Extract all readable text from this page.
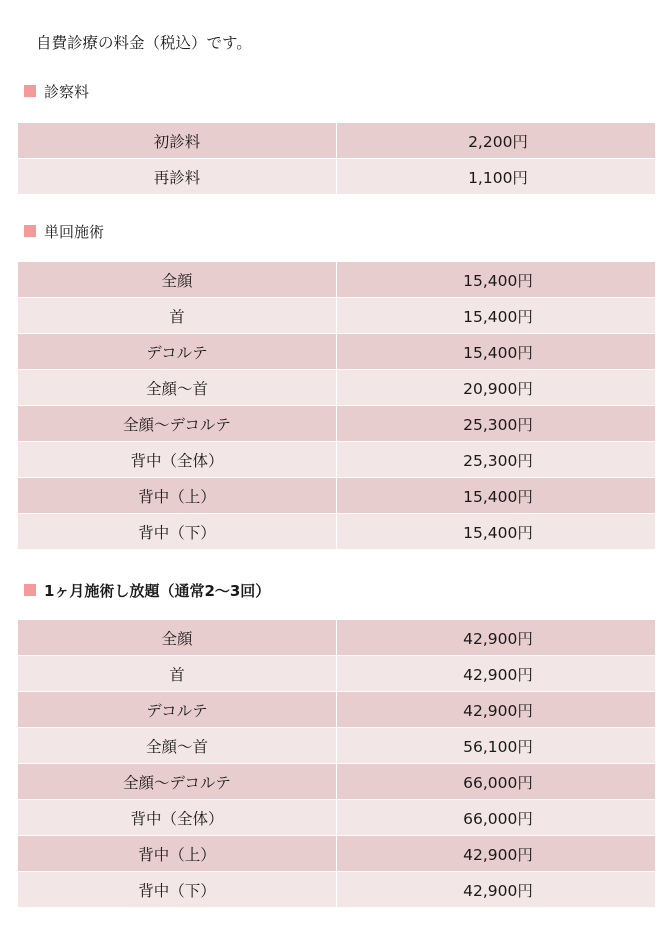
自費診療の料金（税込）です。
診察料
初診料	2,200円
再診料	1,100円
単回施術
全顔	15,400円
首	15,400円
デコルテ	15,400円
全顔～首	20,900円
全顔～デコルテ	25,300円
背中（全体）	25,300円
背中（上）	15,400円
背中（下）	15,400円
1ヶ月施術し放題（通常2～3回）
全顔	42,900円
首	42,900円
デコルテ	42,900円
全顔～首	56,100円
全顔～デコルテ	66,000円
背中（全体）	66,000円
背中（上）	42,900円
背中（下）	42,900円
